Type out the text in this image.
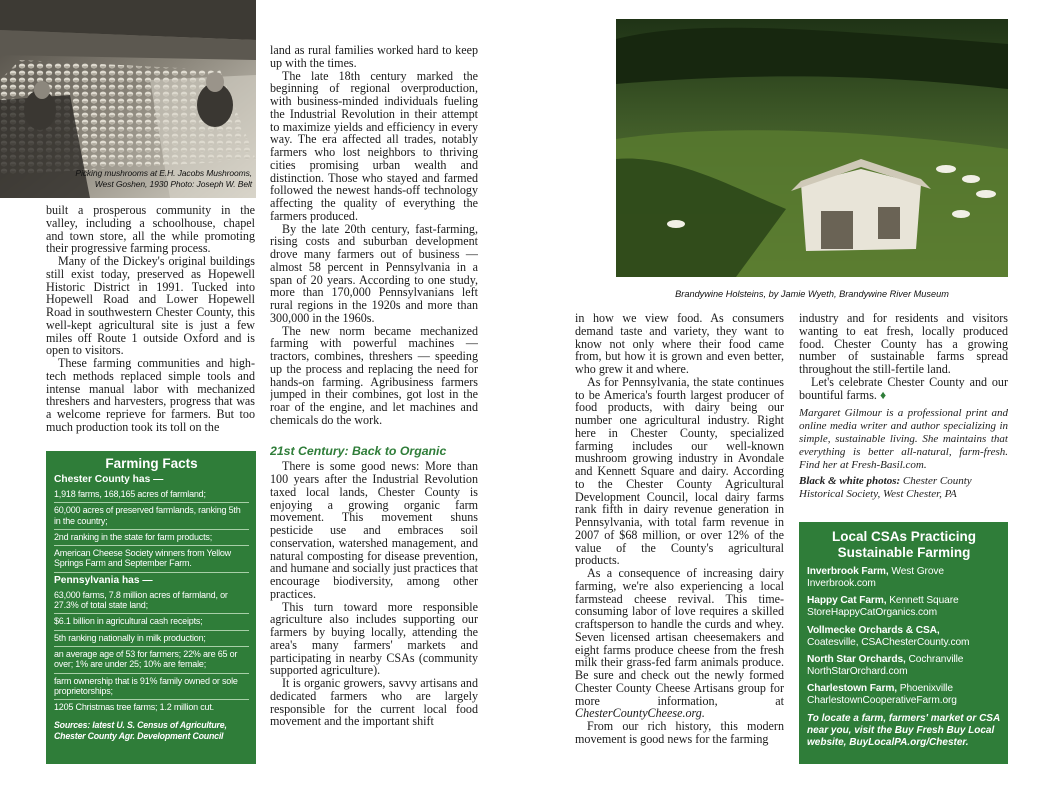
Picking mushrooms at E.H. Jacobs Mushrooms,
West Goshen, 1930 Photo: Joseph W. Belt

built a prosperous community in the valley, including a schoolhouse, chapel and town store, all the while promoting their progressive farming process.

Many of the Dickey's original buildings still exist today, preserved as Hopewell Historic District in 1991. Tucked into Hopewell Road and Lower Hopewell Road in southwestern Chester County, this well-kept agricultural site is just a few miles off Route 1 outside Oxford and is open to visitors.

These farming communities and high-tech methods replaced simple tools and intense manual labor with mechanized threshers and harvesters, progress that was a welcome reprieve for farmers. But too much production took its toll on the

Farming Facts
Chester County has —
1,918 farms, 168,165 acres of farmland;
60,000 acres of preserved farmlands, ranking 5th in the country;
2nd ranking in the state for farm products;
American Cheese Society winners from Yellow Springs Farm and September Farm.
Pennsylvania has —
63,000 farms, 7.8 million acres of farmland, or 27.3% of total state land;
$6.1 billion in agricultural cash receipts;
5th ranking nationally in milk production;
an average age of 53 for farmers; 22% are 65 or over; 1% are under 25; 10% are female;
farm ownership that is 91% family owned or sole proprietorships;
1205 Christmas tree farms; 1.2 million cut.
Sources: latest U. S. Census of Agriculture, Chester County Agr. Development Council

land as rural families worked hard to keep up with the times.

The late 18th century marked the beginning of regional overproduction, with business-minded individuals fueling the Industrial Revolution in their attempt to maximize yields and efficiency in every way. The era affected all trades, notably farmers who lost neighbors to thriving cities promising urban wealth and distinction. Those who stayed and farmed followed the newest hands-off technology affecting the quality of everything the farmers produced.

By the late 20th century, fast-farming, rising costs and suburban development drove many farmers out of business — almost 58 percent in Pennsylvania in a span of 20 years. According to one study, more than 170,000 Pennsylvanians left rural regions in the 1920s and more than 300,000 in the 1960s.

The new norm became mechanized farming with powerful machines — tractors, combines, threshers — speeding up the process and replacing the need for hands-on farming. Agribusiness farmers jumped in their combines, got lost in the roar of the engine, and let machines and chemicals do the work.

21st Century: Back to Organic

There is some good news: More than 100 years after the Industrial Revolution taxed local lands, Chester County is enjoying a growing organic farm movement. This movement shuns pesticide use and embraces soil conservation, watershed management, and natural composting for disease prevention, and humane and socially just practices that encourage biodiversity, among other practices.

This turn toward more responsible agriculture also includes supporting our farmers by buying locally, attending the area's many farmers' markets and participating in nearby CSAs (community supported agriculture).

It is organic growers, savvy artisans and dedicated farmers who are largely responsible for the current local food movement and the important shift

Brandywine Holsteins, by Jamie Wyeth, Brandywine River Museum

in how we view food. As consumers demand taste and variety, they want to know not only where their food came from, but how it is grown and even better, who grew it and where.

As for Pennsylvania, the state continues to be America's fourth largest producer of food products, with dairy being our number one agricultural industry. Right here in Chester County, specialized farming includes our well-known mushroom growing industry in Avondale and Kennett Square and dairy. According to the Chester County Agricultural Development Council, local dairy farms rank fifth in dairy revenue generation in Pennsylvania, with total farm revenue in 2007 of $68 million, or over 12% of the value of the County's agricultural products.

As a consequence of increasing dairy farming, we're also experiencing a local farmstead cheese revival. This time-consuming labor of love requires a skilled craftsperson to handle the curds and whey. Seven licensed artisan cheesemakers and eight farms produce cheese from the fresh milk their grass-fed farm animals produce. Be sure and check out the newly formed Chester County Cheese Artisans group for more information, at ChesterCountyCheese.org.

From our rich history, this modern movement is good news for the farming

industry and for residents and visitors wanting to eat fresh, locally produced food. Chester County has a growing number of sustainable farms spread throughout the still-fertile land.

Let's celebrate Chester County and our bountiful farms. ♦

Margaret Gilmour is a professional print and online media writer and author specializing in simple, sustainable living. She maintains that everything is better all-natural, farm-fresh. Find her at Fresh-Basil.com.
Black & white photos: Chester County Historical Society, West Chester, PA
Local CSAs Practicing Sustainable Farming
Inverbrook Farm, West Grove
Inverbrook.com
Happy Cat Farm, Kennett Square
StoreHappyCatOrganics.com
Vollmecke Orchards & CSA,
Coatesville, CSAChesterCounty.com
North Star Orchards, Cochranville
NorthStarOrchard.com
Charlestown Farm, Phoenixville
CharlestownCooperativeFarm.org
To locate a farm, farmers' market or CSA near you, visit the Buy Fresh Buy Local website, BuyLocalPA.org/Chester.
